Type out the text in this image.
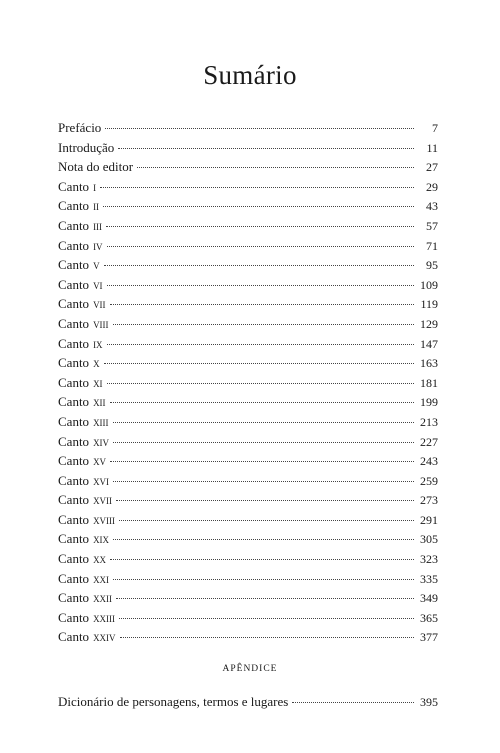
Sumário
Prefácio	7
Introdução	11
Nota do editor	27
Canto i	29
Canto ii	43
Canto iii	57
Canto iv	71
Canto v	95
Canto vi	109
Canto vii	119
Canto viii	129
Canto ix	147
Canto x	163
Canto xi	181
Canto xii	199
Canto xiii	213
Canto xiv	227
Canto xv	243
Canto xvi	259
Canto xvii	273
Canto xviii	291
Canto xix	305
Canto xx	323
Canto xxi	335
Canto xxii	349
Canto xxiii	365
Canto xxiv	377
APÊNDICE
Dicionário de personagens, termos e lugares	395
